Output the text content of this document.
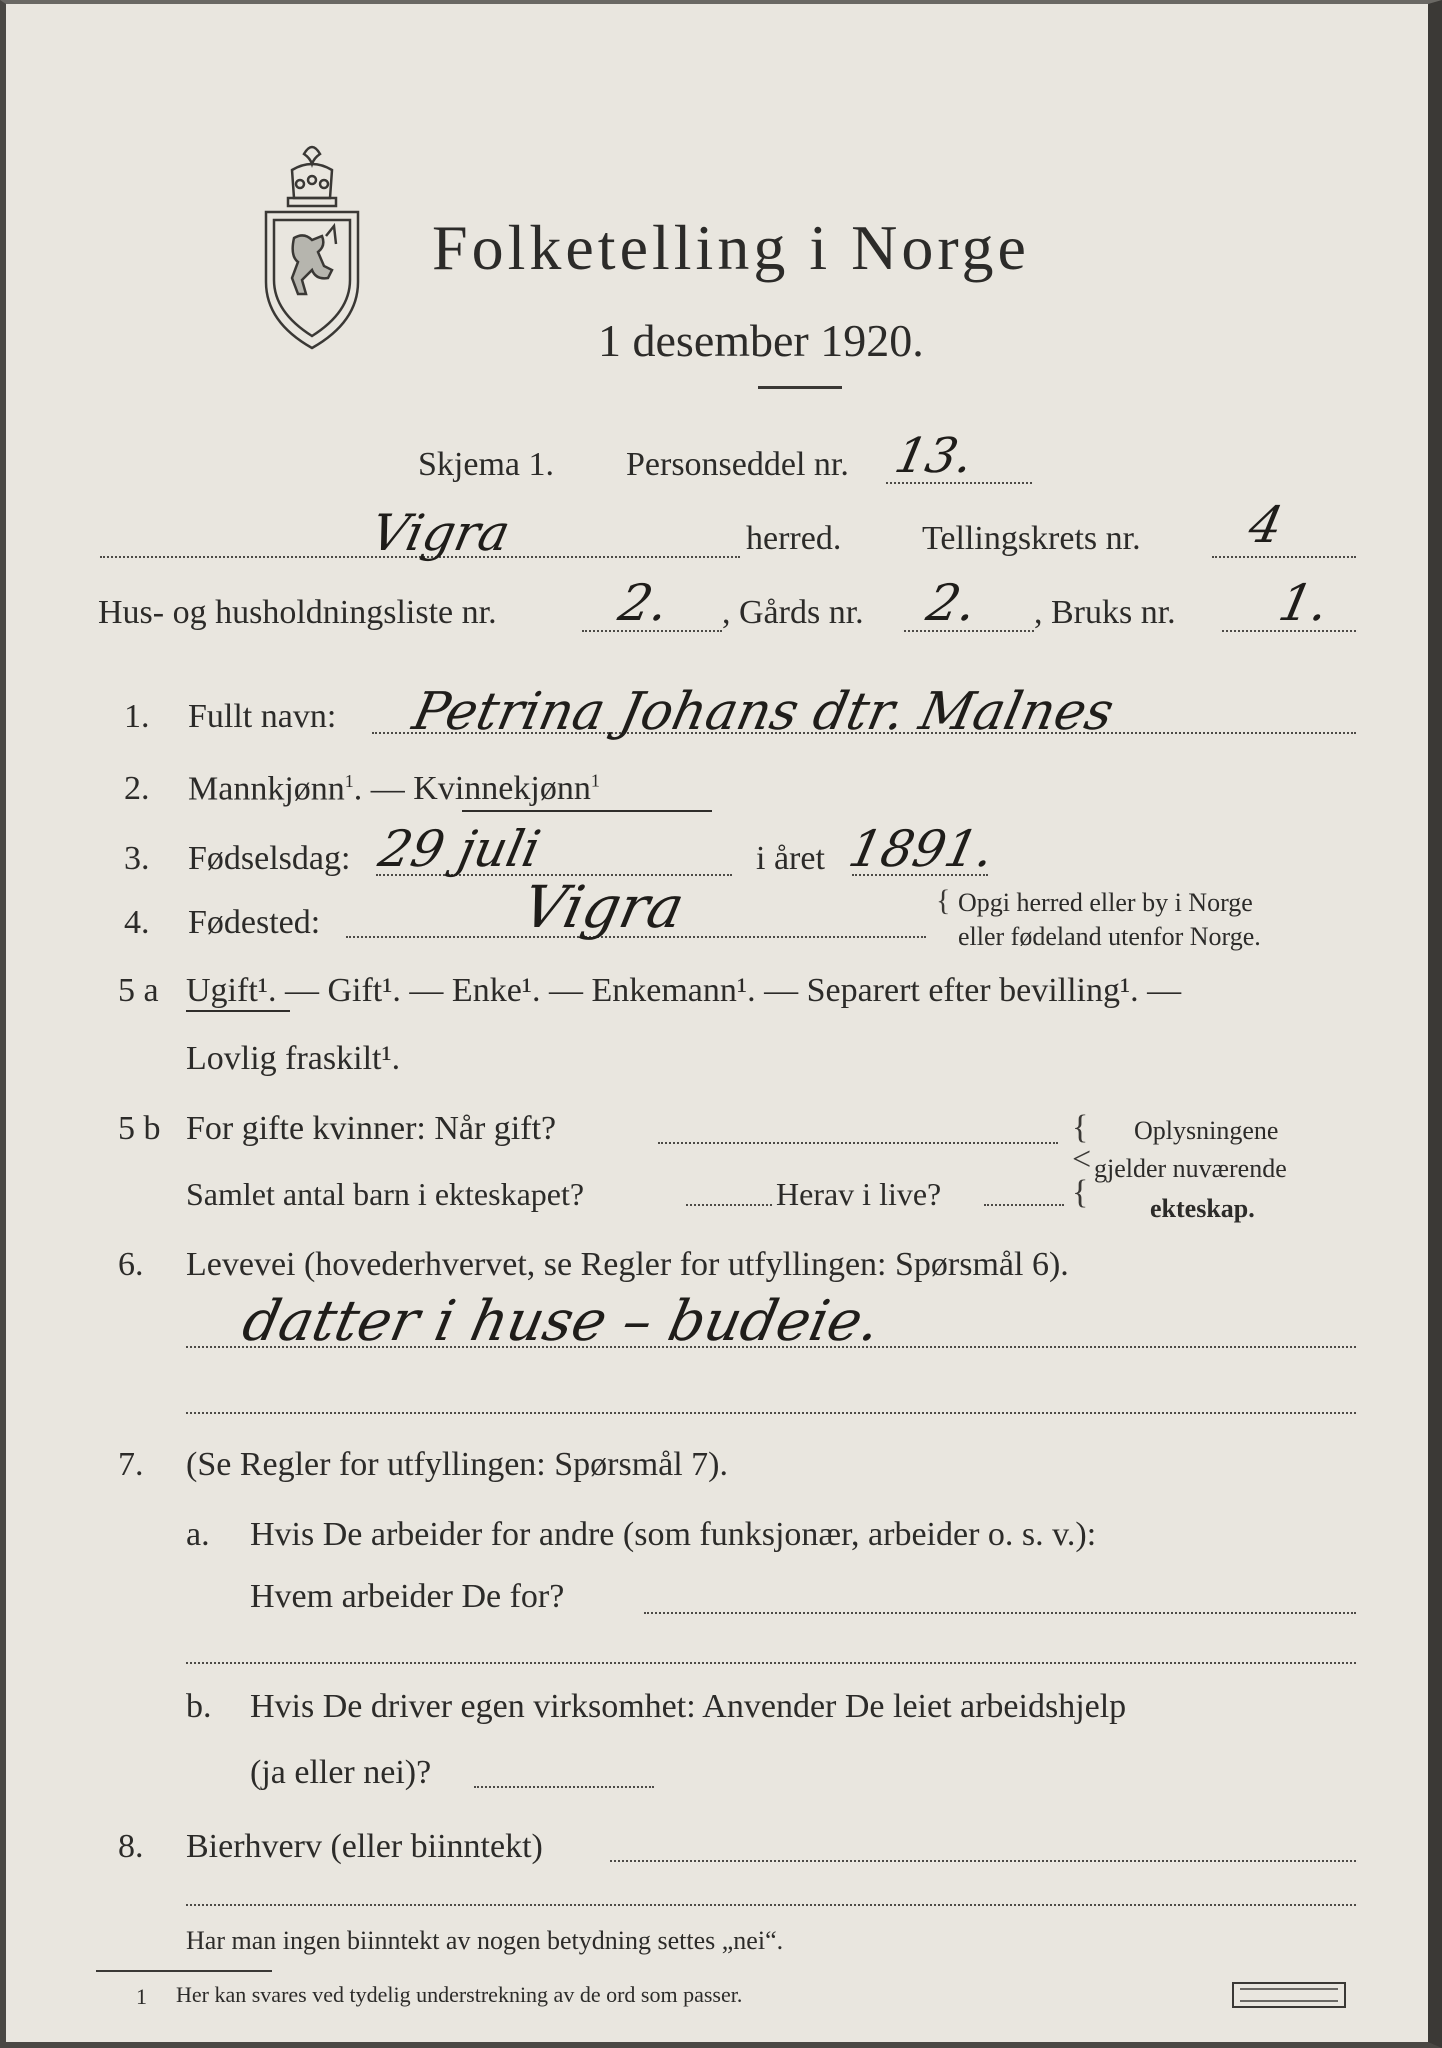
Folketelling i Norge
1 desember 1920.
Skjema 1. Personseddel nr. 13.
Vigra	herred. Tellingskrets nr. 4
Hus- og husholdningsliste nr. 2. , Gårds nr. 2. , Bruks nr. 1.
1. Fullt navn: Petrina Johans dtr. Malnes
2. Mannkjønn$^1$. — Kvinnekjønn$^1$
3. Fødselsdag: 29 juli	i året 1891.
4. Fødested:	Vigra	{ Opgi herred eller by i Norge
eller fødeland utenfor Norge.
5 a Ugift¹. — Gift¹. — Enke¹. — Enkemann¹. — Separert efter bevilling¹. —
Lovlig fraskilt¹.
5 b For gifte kvinner: Når gift?
Samlet antal barn i ekteskapet?	Herav i live?
{
<
{
Oplysningene
gjelder nuværende
ekteskap.
6. Levevei (hovederhvervet, se Regler for utfyllingen: Spørsmål 6).
datter i huse – budeie.
7. (Se Regler for utfyllingen: Spørsmål 7).
a. Hvis De arbeider for andre (som funksjonær, arbeider o. s. v.):
Hvem arbeider De for?
b. Hvis De driver egen virksomhet: Anvender De leiet arbeidshjelp
(ja eller nei)?
8. Bierhverv (eller biinntekt)
Har man ingen biinntekt av nogen betydning settes „nei“.
1 Her kan svares ved tydelig understrekning av de ord som passer.
